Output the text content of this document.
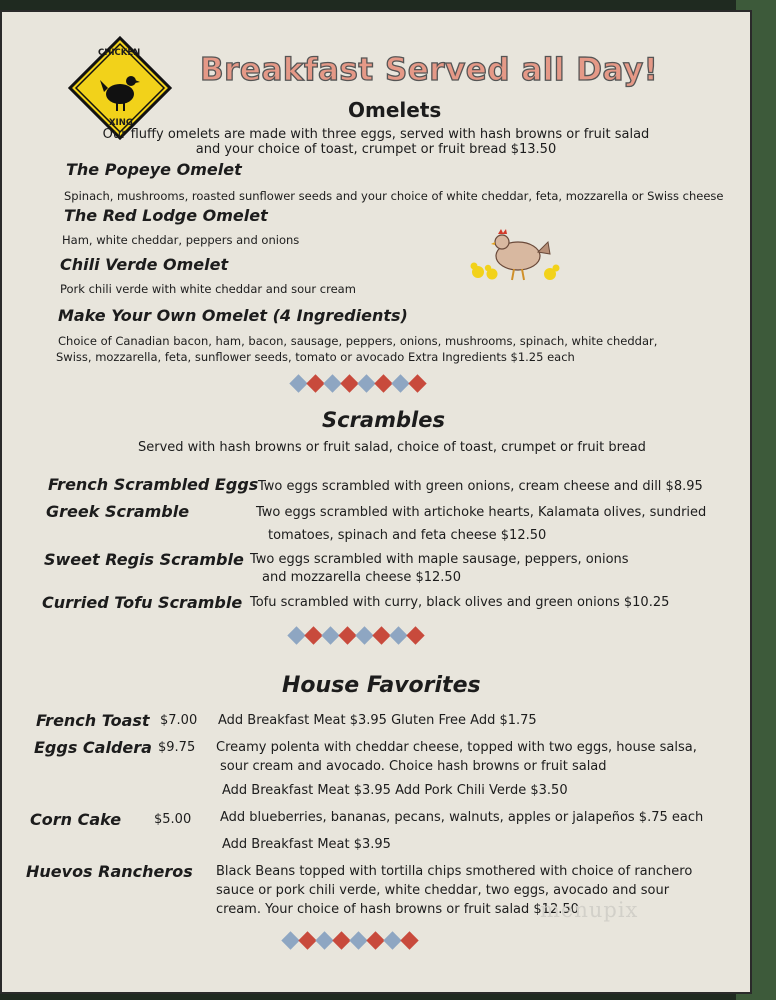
CHICKEN
XING
Breakfast Served all Day!
Omelets
Our fluffy omelets are made with three eggs, served with hash browns or fruit salad
and your choice of toast, crumpet or fruit bread $13.50
The Popeye Omelet
Spinach, mushrooms, roasted sunflower seeds and your choice of white cheddar, feta, mozzarella or Swiss cheese
The Red Lodge Omelet
Ham, white cheddar, peppers and onions
Chili Verde Omelet
Pork chili verde with white cheddar and sour cream
Make Your Own Omelet (4 Ingredients)
Choice of Canadian bacon, ham, bacon, sausage, peppers, onions, mushrooms, spinach, white cheddar,
Swiss, mozzarella, feta, sunflower seeds, tomato or avocado Extra Ingredients $1.25 each
Scrambles
Served with hash browns or fruit salad, choice of toast, crumpet or fruit bread
French Scrambled Eggs Two eggs scrambled with green onions, cream cheese and dill $8.95
Greek Scramble	Two eggs scrambled with artichoke hearts, Kalamata olives, sundried
tomatoes, spinach and feta cheese $12.50
Sweet Regis Scramble Two eggs scrambled with maple sausage, peppers, onions
and mozzarella cheese $12.50
Curried Tofu Scramble Tofu scrambled with curry, black olives and green onions $10.25
House Favorites
French Toast $7.00 Add Breakfast Meat $3.95 Gluten Free Add $1.75
Eggs Caldera $9.75 Creamy polenta with cheddar cheese, topped with two eggs, house salsa,
sour cream and avocado. Choice hash browns or fruit salad
Add Breakfast Meat $3.95 Add Pork Chili Verde $3.50
Corn Cake	$5.00 Add blueberries, bananas, pecans, walnuts, apples or jalapeños $.75 each
Add Breakfast Meat $3.95
Huevos Rancheros Black Beans topped with tortilla chips smothered with choice of ranchero
sauce or pork chili verde, white cheddar, two eggs, avocado and sour
cream. Your choice of hash browns or fruit salad $12.50
menupix
